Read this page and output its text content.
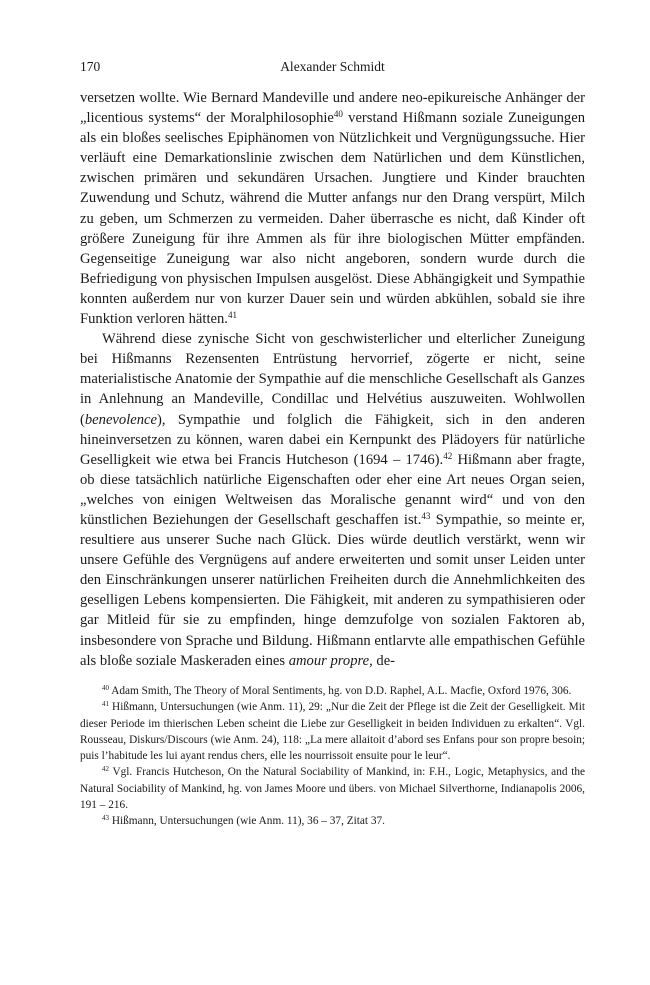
170	Alexander Schmidt

versetzen wollte. Wie Bernard Mandeville und andere neo-epikureische Anhänger der „licentious systems“ der Moralphilosophie$^{40}$ verstand Hißmann soziale Zuneigungen als ein bloßes seelisches Epiphänomen von Nützlichkeit und Vergnügungssuche. Hier verläuft eine Demarkationslinie zwischen dem Natürlichen und dem Künstlichen, zwischen primären und sekundären Ursachen. Jungtiere und Kinder brauchten Zuwendung und Schutz, während die Mutter anfangs nur den Drang verspürt, Milch zu geben, um Schmerzen zu vermeiden. Daher überrasche es nicht, daß Kinder oft größere Zuneigung für ihre Ammen als für ihre biologischen Mütter empfänden. Gegenseitige Zuneigung war also nicht angeboren, sondern wurde durch die Befriedigung von physischen Impulsen ausgelöst. Diese Abhängigkeit und Sympathie konnten außerdem nur von kurzer Dauer sein und würden abkühlen, sobald sie ihre Funktion verloren hätten.$^{41}$

Während diese zynische Sicht von geschwisterlicher und elterlicher Zuneigung bei Hißmanns Rezensenten Entrüstung hervorrief, zögerte er nicht, seine materialistische Anatomie der Sympathie auf die menschliche Gesellschaft als Ganzes in Anlehnung an Mandeville, Condillac und Helvétius auszuweiten. Wohlwollen (benevolence), Sympathie und folglich die Fähigkeit, sich in den anderen hineinversetzen zu können, waren dabei ein Kernpunkt des Plädoyers für natürliche Geselligkeit wie etwa bei Francis Hutcheson (1694 – 1746).$^{42}$ Hißmann aber fragte, ob diese tatsächlich natürliche Eigenschaften oder eher eine Art neues Organ seien, „welches von einigen Weltweisen das Moralische genannt wird“ und von den künstlichen Beziehungen der Gesellschaft geschaffen ist.$^{43}$ Sympathie, so meinte er, resultiere aus unserer Suche nach Glück. Dies würde deutlich verstärkt, wenn wir unsere Gefühle des Vergnügens auf andere erweiterten und somit unser Leiden unter den Einschränkungen unserer natürlichen Freiheiten durch die Annehmlichkeiten des geselligen Lebens kompensierten. Die Fähigkeit, mit anderen zu sympathisieren oder gar Mitleid für sie zu empfinden, hinge demzufolge von sozialen Faktoren ab, insbesondere von Sprache und Bildung. Hißmann entlarvte alle empathischen Gefühle als bloße soziale Maskeraden eines amour propre, de-

$^{40}$ Adam Smith, The Theory of Moral Sentiments, hg. von D.D. Raphel, A.L. Macfie, Oxford 1976, 306.

$^{41}$ Hißmann, Untersuchungen (wie Anm. 11), 29: „Nur die Zeit der Pflege ist die Zeit der Geselligkeit. Mit dieser Periode im thierischen Leben scheint die Liebe zur Geselligkeit in beiden Individuen zu erkalten“. Vgl. Rousseau, Diskurs/Discours (wie Anm. 24), 118: „La mere allaitoit d’abord ses Enfans pour son propre besoin; puis l’habitude les lui ayant rendus chers, elle les nourrissoit ensuite pour le leur“.

$^{42}$ Vgl. Francis Hutcheson, On the Natural Sociability of Mankind, in: F.H., Logic, Metaphysics, and the Natural Sociability of Mankind, hg. von James Moore und übers. von Michael Silverthorne, Indianapolis 2006, 191 – 216.

$^{43}$ Hißmann, Untersuchungen (wie Anm. 11), 36 – 37, Zitat 37.
